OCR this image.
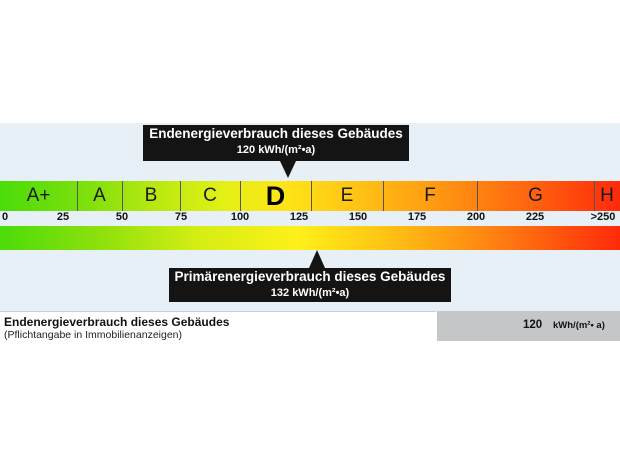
Endenergieverbrauch dieses Gebäudes
120 kWh/(m²•a)
A+	A	B	C	D	E	F	G	H
0	25	50	75	100	125	150	175	200	225	>250
Primärenergieverbrauch dieses Gebäudes
132 kWh/(m²•a)
Endenergieverbrauch dieses Gebäudes
(Pflichtangabe in Immobilienanzeigen)
120 kWh/(m²• a)
